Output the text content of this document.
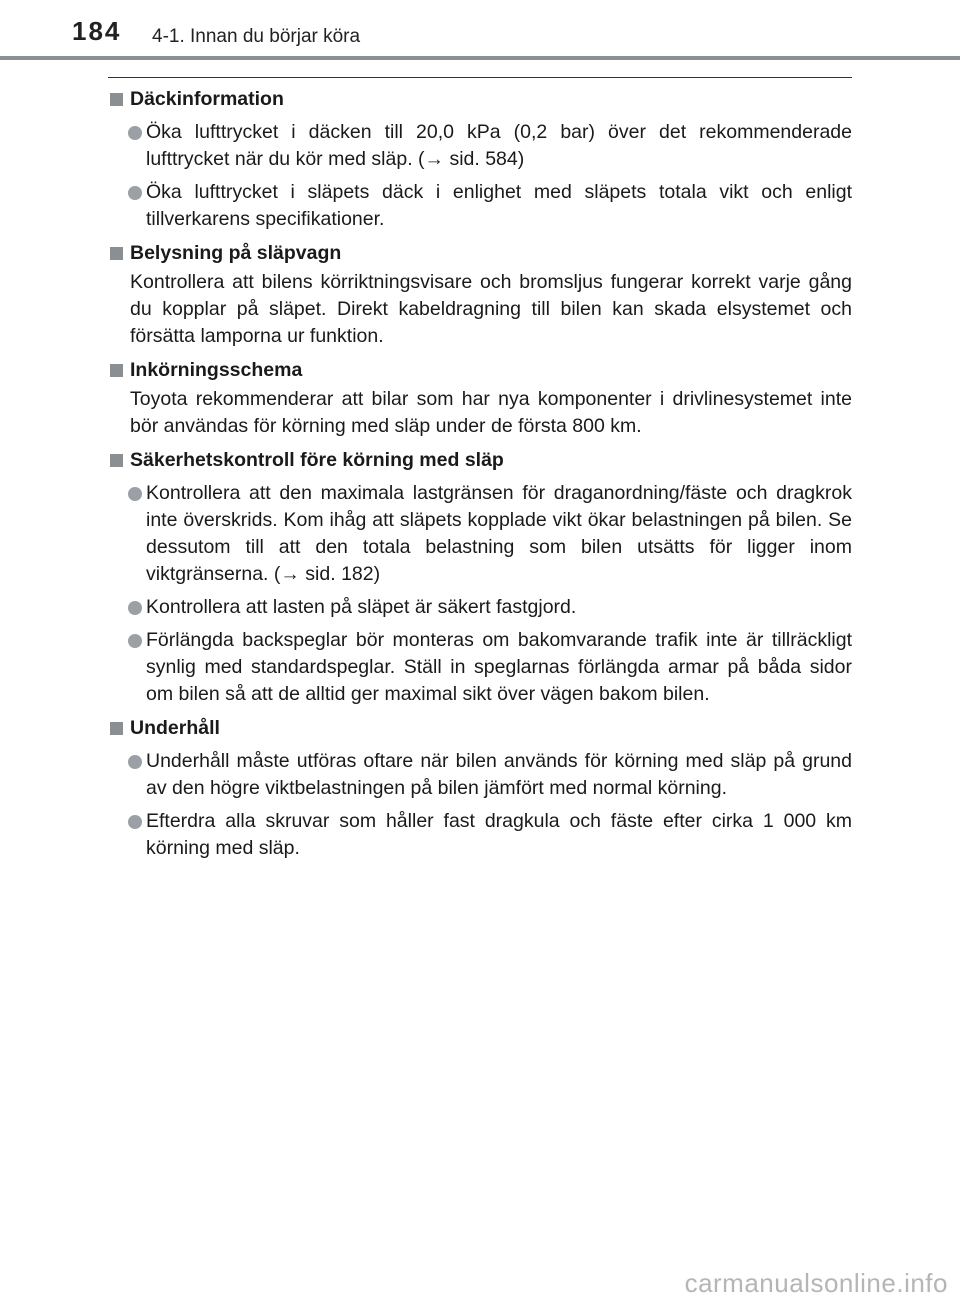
184 4-1. Innan du börjar köra
Däckinformation
Öka lufttrycket i däcken till 20,0 kPa (0,2 bar) över det rekommenderade lufttrycket när du kör med släp. (→ sid. 584)
Öka lufttrycket i släpets däck i enlighet med släpets totala vikt och enligt tillverkarens specifikationer.
Belysning på släpvagn
Kontrollera att bilens körriktningsvisare och bromsljus fungerar korrekt varje gång du kopplar på släpet. Direkt kabeldragning till bilen kan skada elsystemet och försätta lamporna ur funktion.
Inkörningsschema
Toyota rekommenderar att bilar som har nya komponenter i drivlinesystemet inte bör användas för körning med släp under de första 800 km.
Säkerhetskontroll före körning med släp
Kontrollera att den maximala lastgränsen för draganordning/fäste och dragkrok inte överskrids. Kom ihåg att släpets kopplade vikt ökar belastningen på bilen. Se dessutom till att den totala belastning som bilen utsätts för ligger inom viktgränserna. (→ sid. 182)
Kontrollera att lasten på släpet är säkert fastgjord.
Förlängda backspeglar bör monteras om bakomvarande trafik inte är tillräckligt synlig med standardspeglar. Ställ in speglarnas förlängda armar på båda sidor om bilen så att de alltid ger maximal sikt över vägen bakom bilen.
Underhåll
Underhåll måste utföras oftare när bilen används för körning med släp på grund av den högre viktbelastningen på bilen jämfört med normal körning.
Efterdra alla skruvar som håller fast dragkula och fäste efter cirka 1 000 km körning med släp.
carmanualsonline.info
